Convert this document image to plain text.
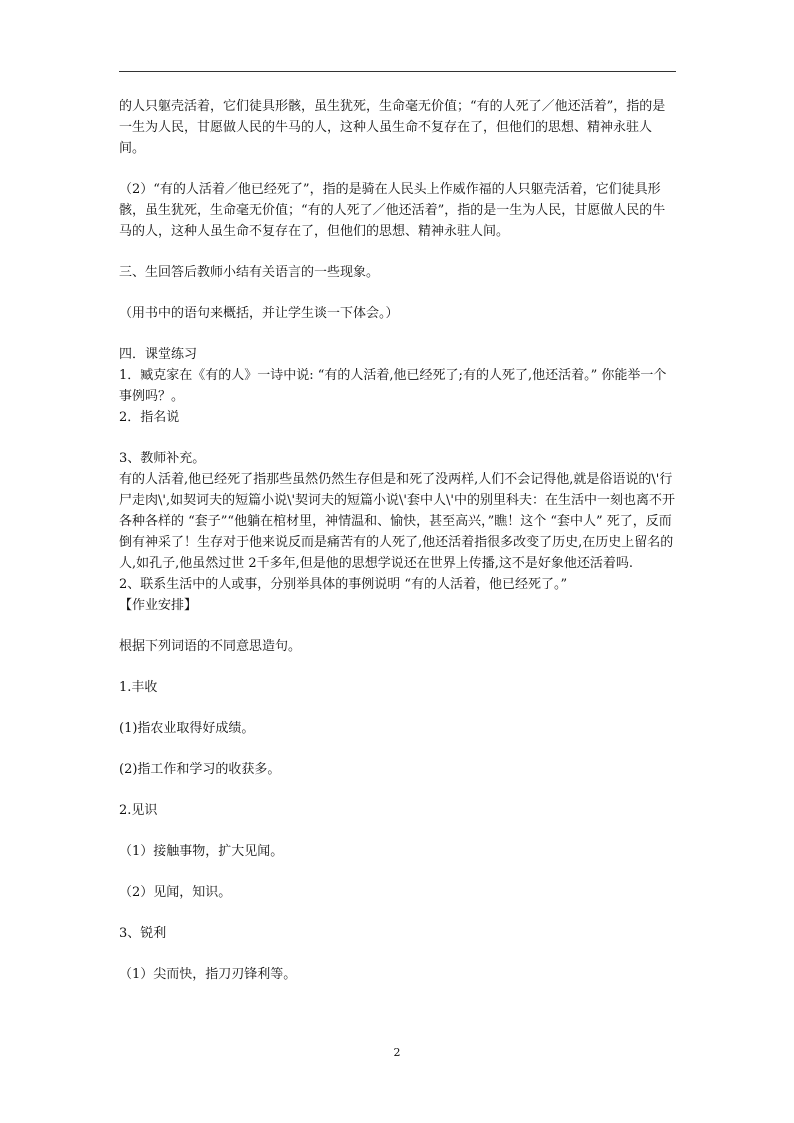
的人只躯壳活着，它们徒具形骸，虽生犹死，生命毫无价值；“有的人死了／他还活着”，指的是一生为人民，甘愿做人民的牛马的人，这种人虽生命不复存在了，但他们的思想、精神永驻人间。

（2）“有的人活着／他已经死了”，指的是骑在人民头上作威作福的人只躯壳活着，它们徒具形骸，虽生犹死，生命毫无价值；“有的人死了／他还活着”，指的是一生为人民，甘愿做人民的牛马的人，这种人虽生命不复存在了，但他们的思想、精神永驻人间。

三、生回答后教师小结有关语言的一些现象。

（用书中的语句来概括，并让学生谈一下体会。）

四．课堂练习
1．臧克家在《有的人》一诗中说: “有的人活着,他已经死了;有的人死了,他还活着。” 你能举一个事例吗？。
2．指名说

3、教师补充。
有的人活着,他已经死了指那些虽然仍然生存但是和死了没两样,人们不会记得他,就是俗语说的\'行尸走肉\',如契诃夫的短篇小说\'契诃夫的短篇小说\'套中人\'中的别里科夫：在生活中一刻也离不开各种各样的 “套子”“他躺在棺材里，神情温和、愉快，甚至高兴，”瞧！这个 “套中人” 死了，反而倒有神采了！生存对于他来说反而是痛苦有的人死了,他还活着指很多改变了历史,在历史上留名的人,如孔子,他虽然过世 2千多年,但是他的思想学说还在世界上传播,这不是好象他还活着吗.
2、联系生活中的人或事，分别举具体的事例说明 “有的人活着，他已经死了。”
【作业安排】

根据下列词语的不同意思造句。

1.丰收

(1)指农业取得好成绩。

(2)指工作和学习的收获多。

2.见识

（1）接触事物，扩大见闻。

（2）见闻，知识。

3、锐利

（1）尖而快，指刀刃锋利等。

2
